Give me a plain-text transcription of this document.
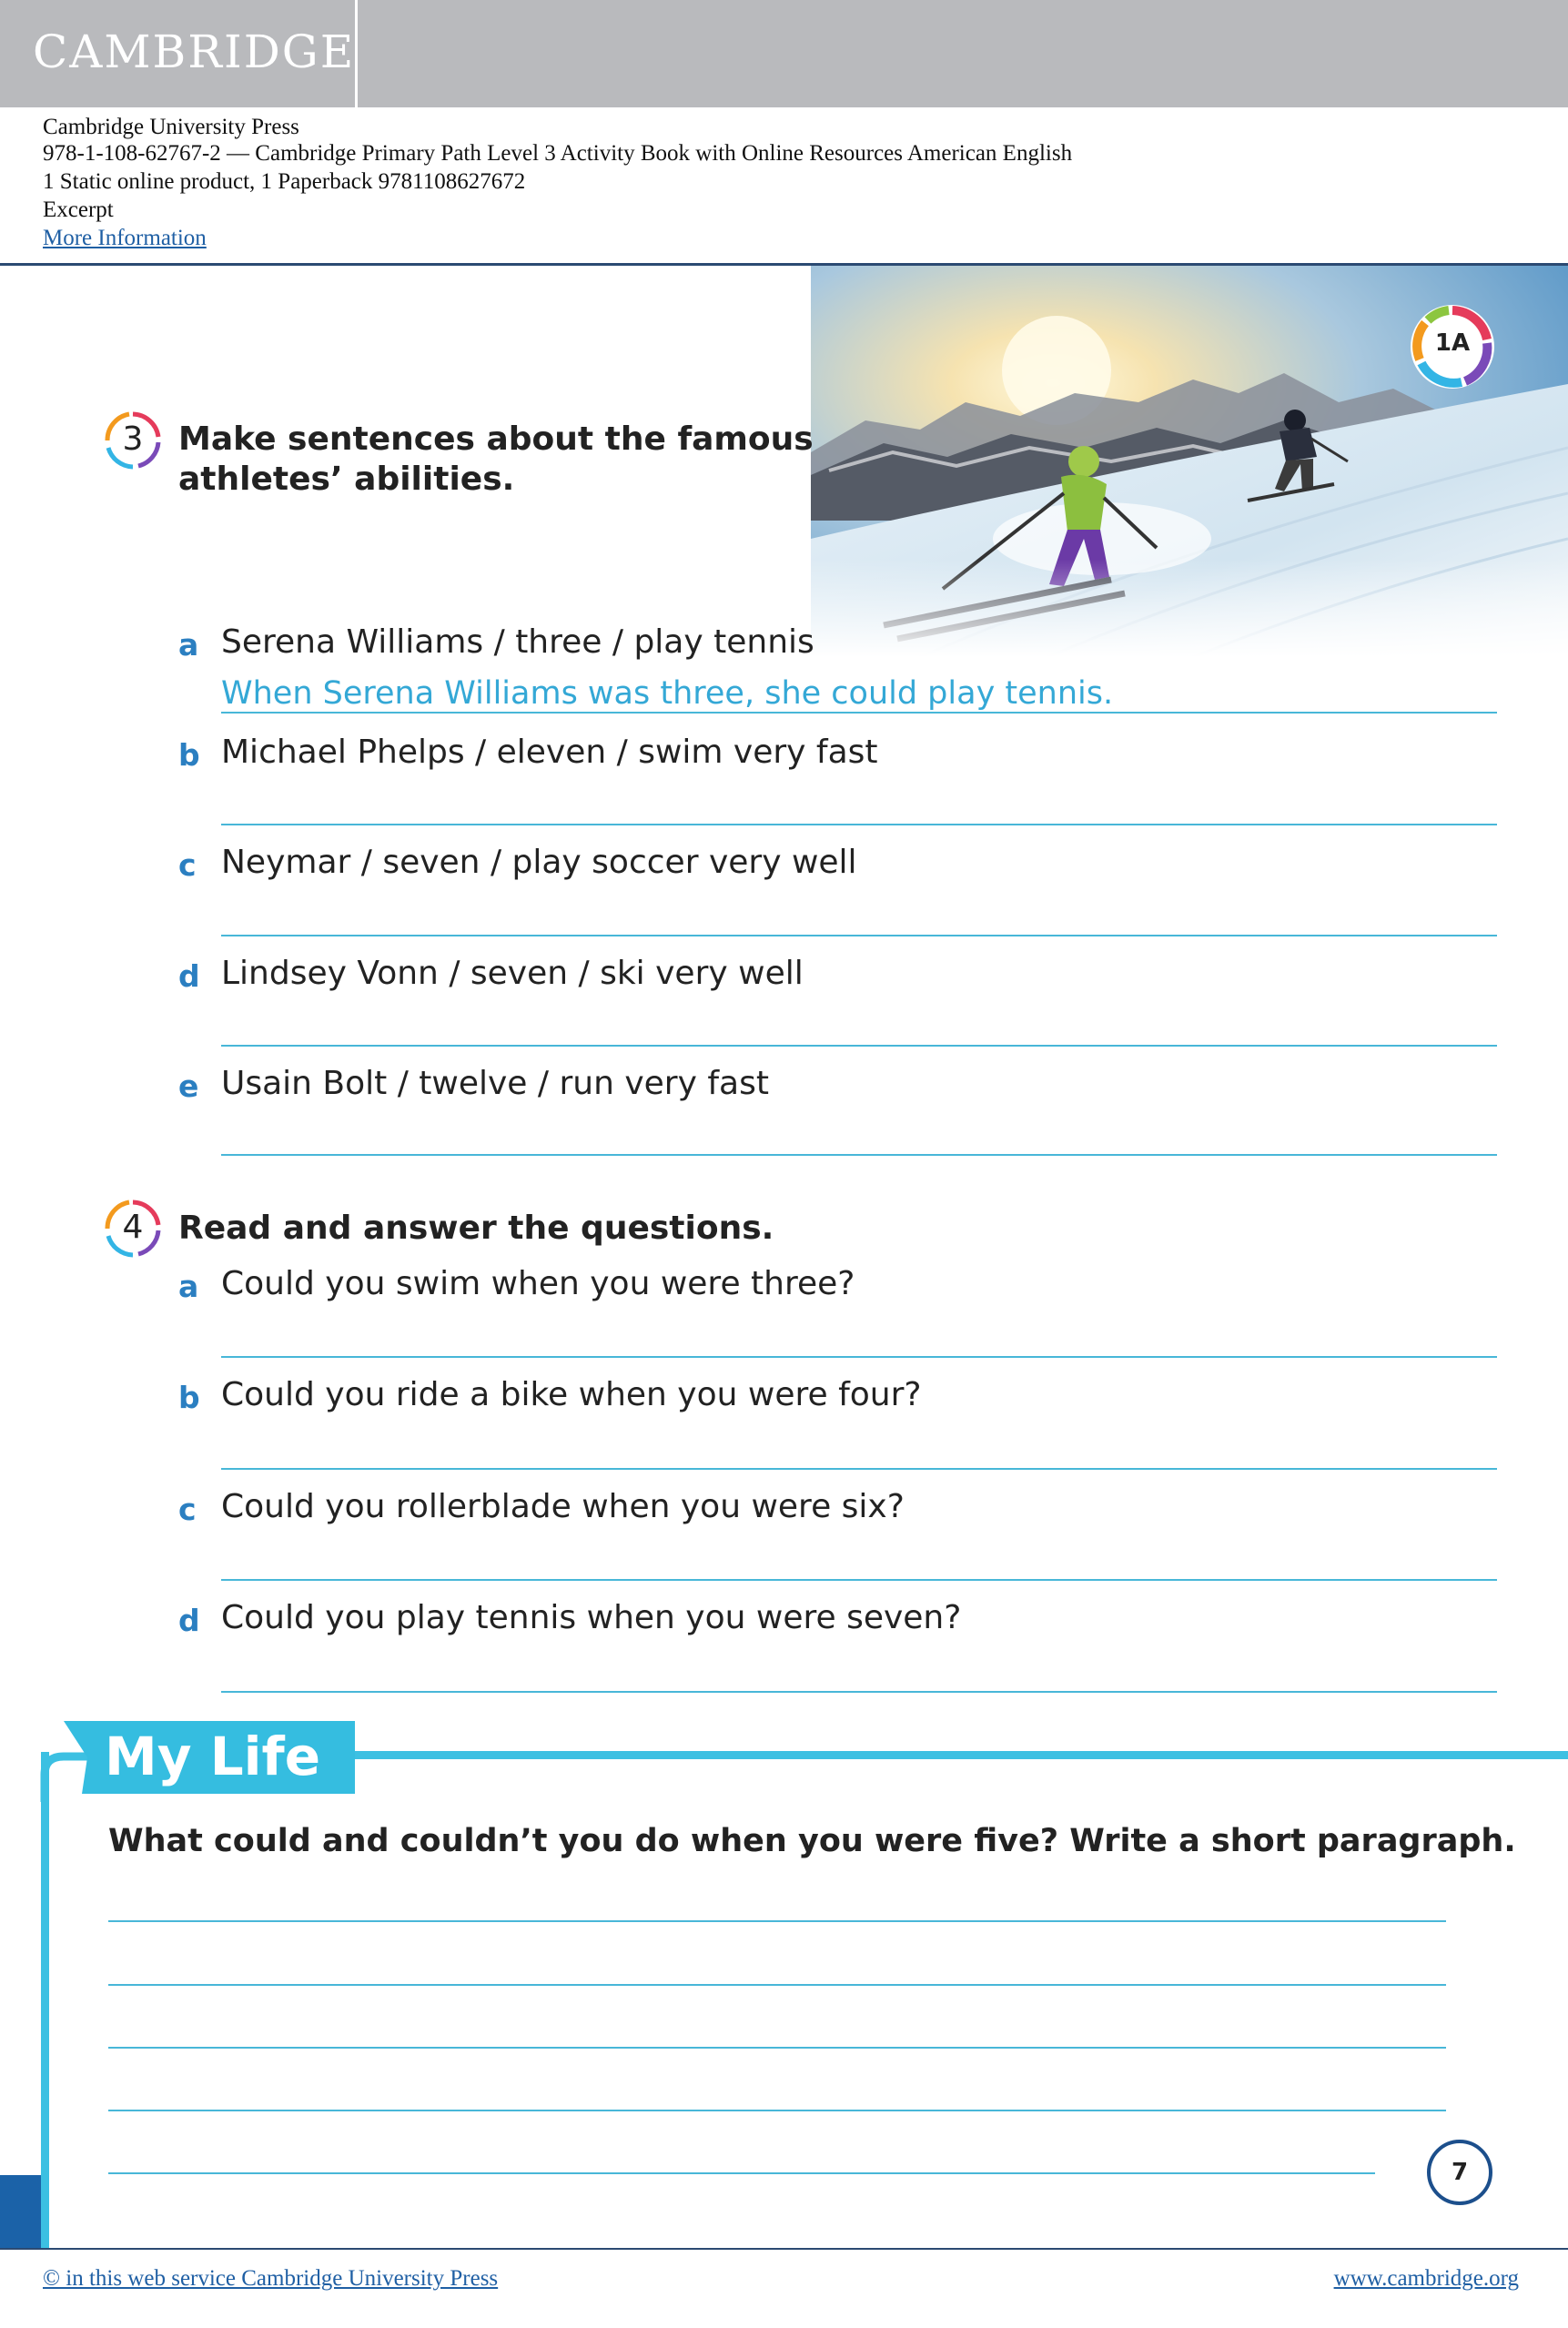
CAMBRIDGE
Cambridge University Press
978-1-108-62767-2 — Cambridge Primary Path Level 3 Activity Book with Online Resources American English
1 Static online product, 1 Paperback 9781108627672
Excerpt
More Information
1A
3	Make sentences about the famous
athletes’ abilities.
a Serena Williams / three / play tennis
When Serena Williams was three, she could play tennis.
b Michael Phelps / eleven / swim very fast
c Neymar / seven / play soccer very well
d Lindsey Vonn / seven / ski very well
e Usain Bolt / twelve / run very fast
4	Read and answer the questions.
a Could you swim when you were three?
b Could you ride a bike when you were four?
c Could you rollerblade when you were six?
d Could you play tennis when you were seven?
My Life
What could and couldn’t you do when you were five? Write a short paragraph.
7
© in this web service Cambridge University Press	www.cambridge.org
